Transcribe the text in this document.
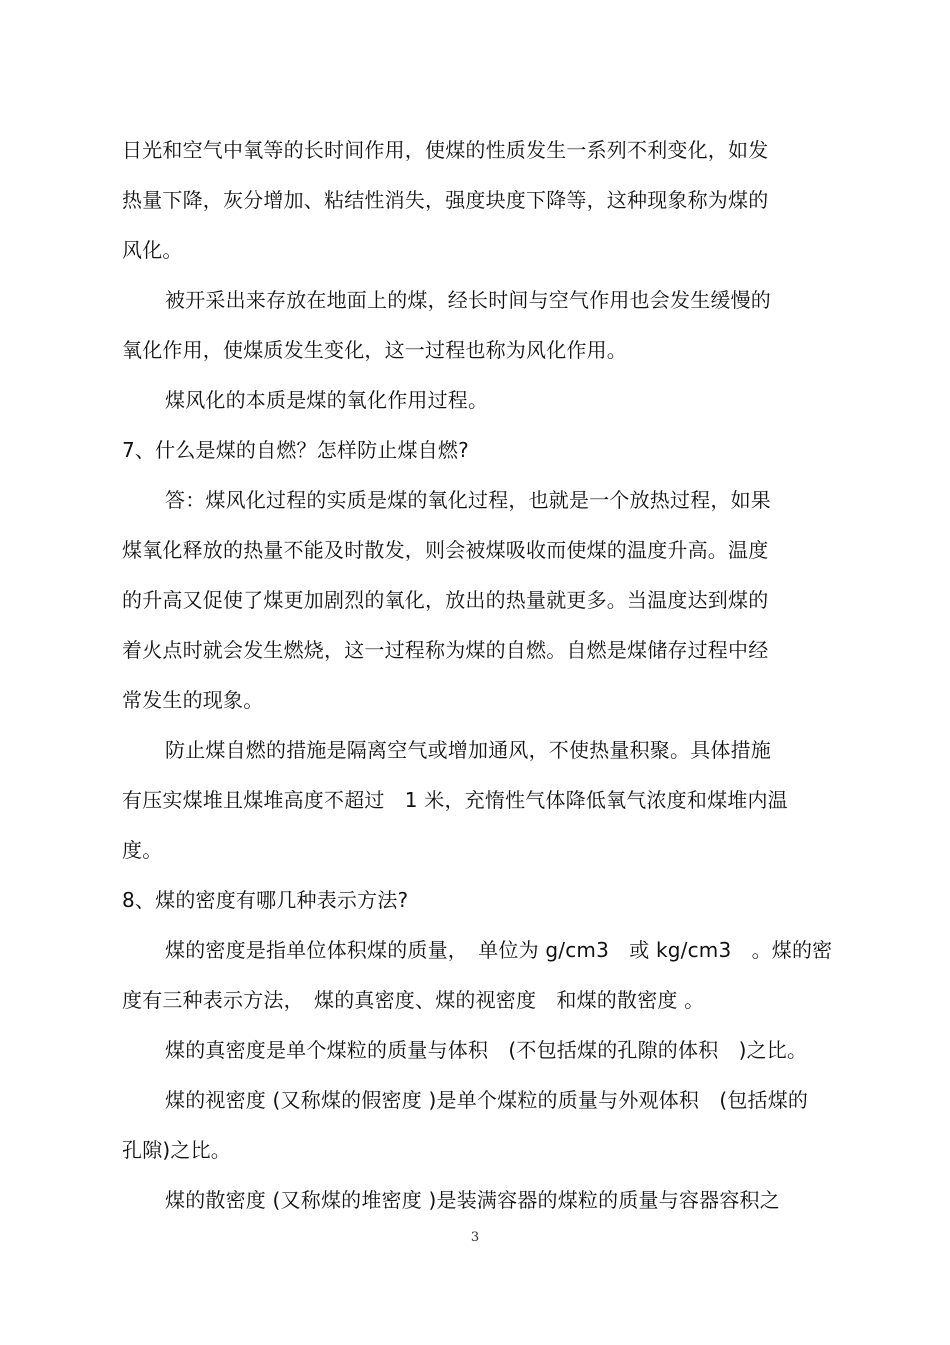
日光和空气中氧等的长时间作用，使煤的性质发生一系列不利变化，如发
热量下降，灰分增加、粘结性消失，强度块度下降等，这种现象称为煤的
风化。
被开采出来存放在地面上的煤，经长时间与空气作用也会发生缓慢的
氧化作用，使煤质发生变化，这一过程也称为风化作用。
煤风化的本质是煤的氧化作用过程。
7、什么是煤的自燃？怎样防止煤自燃?
答：煤风化过程的实质是煤的氧化过程，也就是一个放热过程，如果
煤氧化释放的热量不能及时散发，则会被煤吸收而使煤的温度升高。温度
的升高又促使了煤更加剧烈的氧化，放出的热量就更多。当温度达到煤的
着火点时就会发生燃烧，这一过程称为煤的自燃。自燃是煤储存过程中经
常发生的现象。
防止煤自燃的措施是隔离空气或增加通风，不使热量积聚。具体措施
有压实煤堆且煤堆高度不超过　1 米，充惰性气体降低氧气浓度和煤堆内温
度。
8、煤的密度有哪几种表示方法?
煤的密度是指单位体积煤的质量，　单位为 g/cm3　或 kg/cm3　。煤的密
度有三种表示方法，　煤的真密度、煤的视密度　和煤的散密度 。
煤的真密度是单个煤粒的质量与体积　(不包括煤的孔隙的体积　)之比。
煤的视密度 (又称煤的假密度 )是单个煤粒的质量与外观体积　(包括煤的
孔隙)之比。
煤的散密度 (又称煤的堆密度 )是装满容器的煤粒的质量与容器容积之
3
